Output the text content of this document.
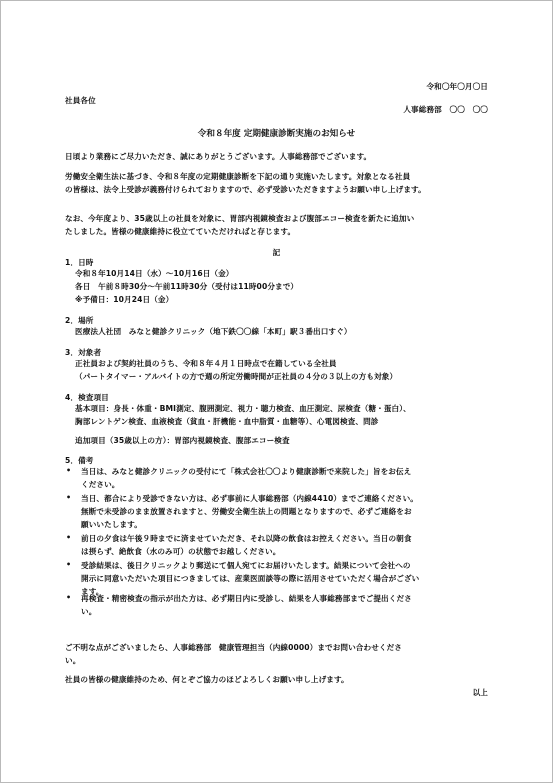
令和〇年〇月〇日
社員各位
人事総務部　〇〇　〇〇
令和８年度 定期健康診断実施のお知らせ
日頃より業務にご尽力いただき、誠にありがとうございます。人事総務部でございます。
労働安全衛生法に基づき、令和８年度の定期健康診断を下記の通り実施いたします。対象となる社員
の皆様は、法令上受診が義務付けられておりますので、必ず受診いただきますようお願い申し上げます。
なお、今年度より、35歳以上の社員を対象に、胃部内視鏡検査および腹部エコー検査を新たに追加い
たしました。皆様の健康維持に役立てていただければと存じます。
記
1．日時
令和８年10月14日（水）～10月16日（金）
各日　午前８時30分～午前11時30分（受付は11時00分まで）
※予備日：10月24日（金）
2．場所
医療法人社団　みなと健診クリニック（地下鉄〇〇線「本町」駅３番出口すぐ）
3．対象者
正社員および契約社員のうち、令和８年４月１日時点で在籍している全社員
（パートタイマー・アルバイトの方で週の所定労働時間が正社員の４分の３以上の方も対象）
4．検査項目
基本項目：身長・体重・BMI測定、腹囲測定、視力・聴力検査、血圧測定、尿検査（糖・蛋白）、
胸部レントゲン検査、血液検査（貧血・肝機能・血中脂質・血糖等）、心電図検査、問診
追加項目（35歳以上の方）：胃部内視鏡検査、腹部エコー検査
5．備考
• 当日は、みなと健診クリニックの受付にて「株式会社〇〇より健康診断で来院した」旨をお伝え
ください。
• 当日、都合により受診できない方は、必ず事前に人事総務部（内線4410）までご連絡ください。
無断で未受診のまま放置されますと、労働安全衛生法上の問題となりますので、必ずご連絡をお
願いいたします。
• 前日の夕食は午後９時までに済ませていただき、それ以降の飲食はお控えください。当日の朝食
は摂らず、絶飲食（水のみ可）の状態でお越しください。
• 受診結果は、後日クリニックより郵送にて個人宛てにお届けいたします。結果について会社への
開示に同意いただいた項目につきましては、産業医面談等の際に活用させていただく場合がござい
ます。
• 再検査・精密検査の指示が出た方は、必ず期日内に受診し、結果を人事総務部までご提出くださ
い。
ご不明な点がございましたら、人事総務部　健康管理担当（内線0000）までお問い合わせくださ
い。
社員の皆様の健康維持のため、何とぞご協力のほどよろしくお願い申し上げます。
以上
